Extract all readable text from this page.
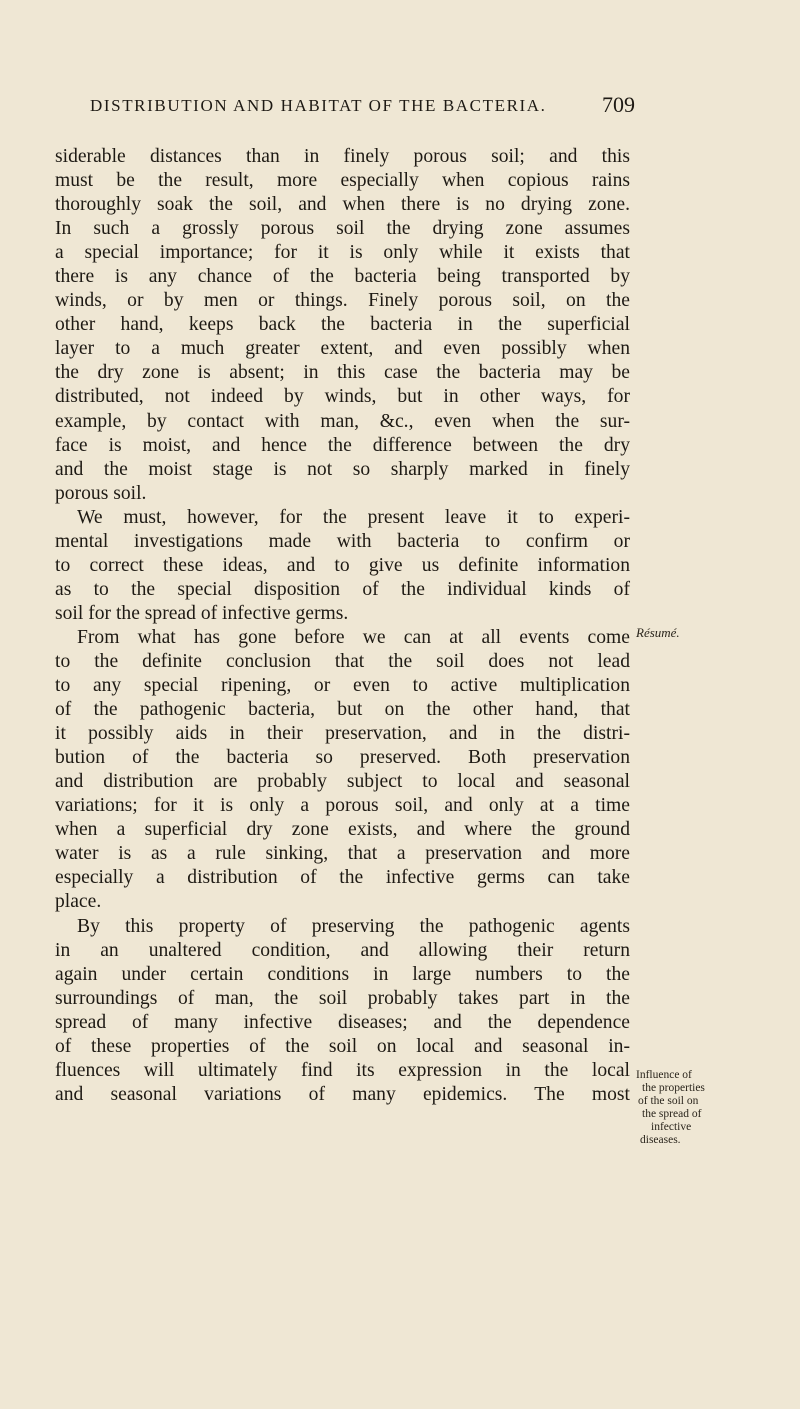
DISTRIBUTION AND HABITAT OF THE BACTERIA.	709
siderable distances than in finely porous soil; and this
must be the result, more especially when copious rains
thoroughly soak the soil, and when there is no drying zone.
In such a grossly porous soil the drying zone assumes
a special importance; for it is only while it exists that
there is any chance of the bacteria being transported by
winds, or by men or things. Finely porous soil, on the
other hand, keeps back the bacteria in the superficial
layer to a much greater extent, and even possibly when
the dry zone is absent; in this case the bacteria may be
distributed, not indeed by winds, but in other ways, for
example, by contact with man, &c., even when the sur-
face is moist, and hence the difference between the dry
and the moist stage is not so sharply marked in finely
porous soil.
We must, however, for the present leave it to experi-
mental investigations made with bacteria to confirm or
to correct these ideas, and to give us definite information
as to the special disposition of the individual kinds of
soil for the spread of infective germs.
From what has gone before we can at all events come
to the definite conclusion that the soil does not lead
to any special ripening, or even to active multiplication
of the pathogenic bacteria, but on the other hand, that
it possibly aids in their preservation, and in the distri-
bution of the bacteria so preserved. Both preservation
and distribution are probably subject to local and seasonal
variations; for it is only a porous soil, and only at a time
when a superficial dry zone exists, and where the ground
water is as a rule sinking, that a preservation and more
especially a distribution of the infective germs can take
place.
By this property of preserving the pathogenic agents
in an unaltered condition, and allowing their return
again under certain conditions in large numbers to the
surroundings of man, the soil probably takes part in the
spread of many infective diseases; and the dependence
of these properties of the soil on local and seasonal in-
fluences will ultimately find its expression in the local
and seasonal variations of many epidemics. The most
Résumé.
Influence of
the properties
of the soil on
the spread of
infective
diseases.
